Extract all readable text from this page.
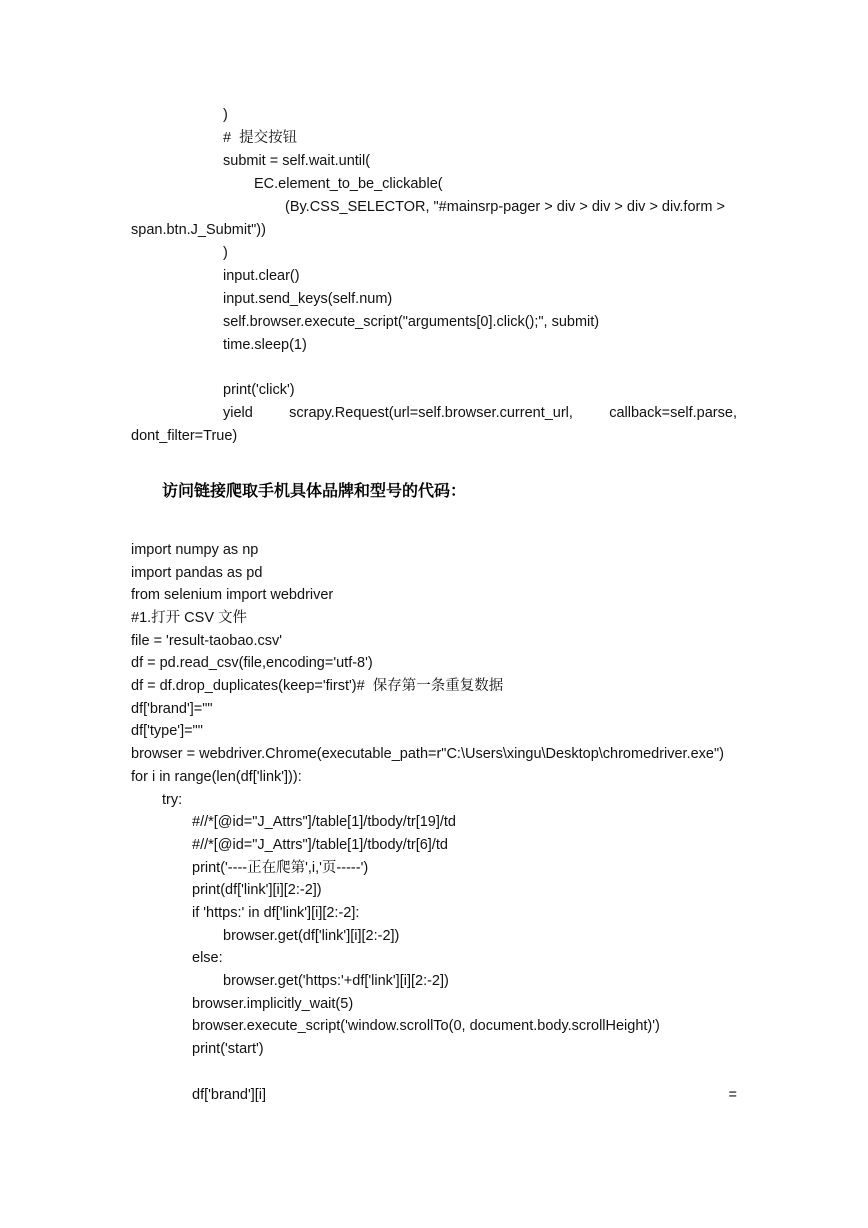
)
#  提交按钮
submit = self.wait.until(
EC.element_to_be_clickable(
(By.CSS_SELECTOR, "#mainsrp-pager > div > div > div > div.form >
span.btn.J_Submit"))
)
input.clear()
input.send_keys(self.num)
self.browser.execute_script("arguments[0].click();", submit)
time.sleep(1)
print('click')
yield	scrapy.Request(url=self.browser.current_url,	callback=self.parse,
dont_filter=True)
访问链接爬取手机具体品牌和型号的代码：
import numpy as np
import pandas as pd
from selenium import webdriver
#1.打开 CSV 文件
file = 'result-taobao.csv'
df = pd.read_csv(file,encoding='utf-8')
df = df.drop_duplicates(keep='first')#  保存第一条重复数据
df['brand']=""
df['type']=""
browser = webdriver.Chrome(executable_path=r"C:\Users\xingu\Desktop\chromedriver.exe")
for i in range(len(df['link'])):
try:
#//*[@id="J_Attrs"]/table[1]/tbody/tr[19]/td
#//*[@id="J_Attrs"]/table[1]/tbody/tr[6]/td
print('----正在爬第',i,'页-----')
print(df['link'][i][2:-2])
if 'https:' in df['link'][i][2:-2]:
browser.get(df['link'][i][2:-2])
else:
browser.get('https:'+df['link'][i][2:-2])
browser.implicitly_wait(5)
browser.execute_script('window.scrollTo(0, document.body.scrollHeight)')
print('start')
df['brand'][i]	=
